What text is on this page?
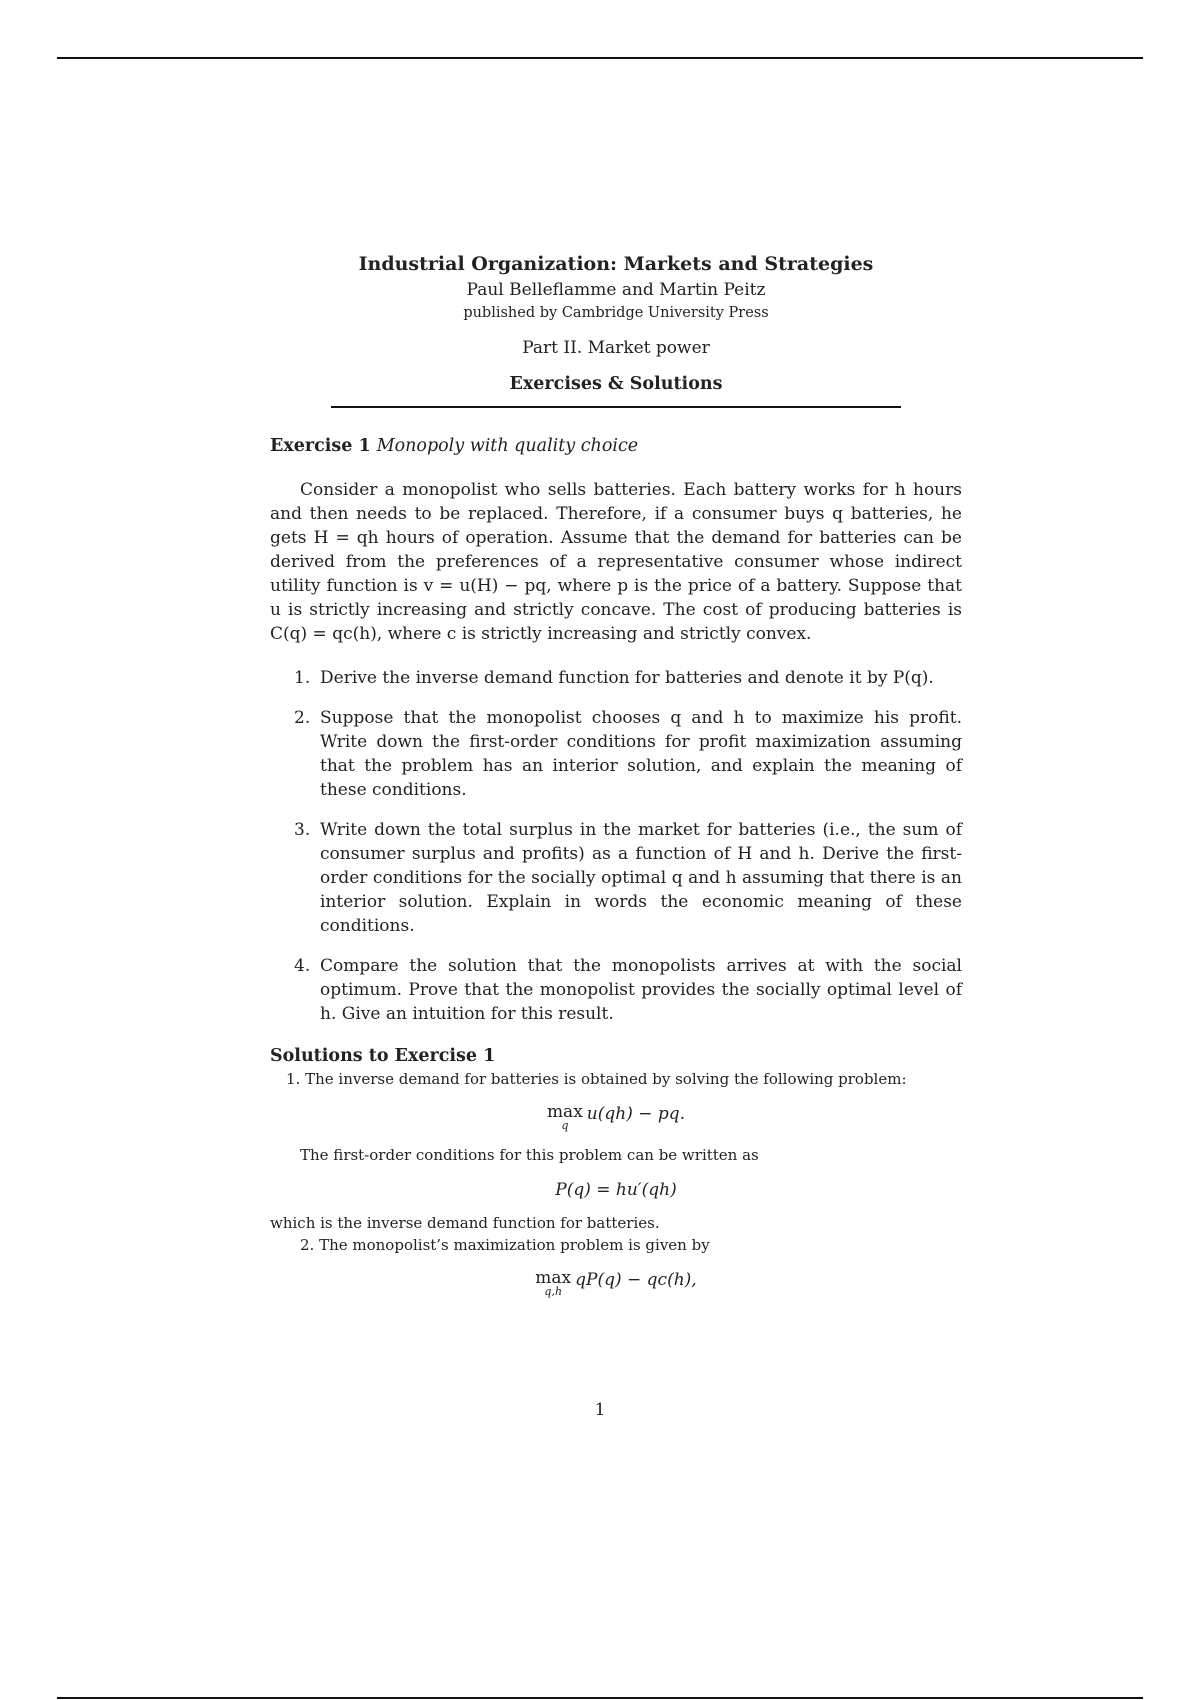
Industrial Organization: Markets and Strategies
Paul Belleflamme and Martin Peitz
published by Cambridge University Press
Part II. Market power
Exercises & Solutions
Exercise 1 Monopoly with quality choice

Consider a monopolist who sells batteries. Each battery works for h hours and then needs to be replaced. Therefore, if a consumer buys q batteries, he gets H = qh hours of operation. Assume that the demand for batteries can be derived from the preferences of a representative consumer whose indirect utility function is v = u(H) − pq, where p is the price of a battery. Suppose that u is strictly increasing and strictly concave. The cost of producing batteries is C(q) = qc(h), where c is strictly increasing and strictly convex.

1. Derive the inverse demand function for batteries and denote it by P(q).
2. Suppose that the monopolist chooses q and h to maximize his profit. Write down the first-order conditions for profit maximization assuming that the problem has an interior solution, and explain the meaning of these conditions.
3. Write down the total surplus in the market for batteries (i.e., the sum of consumer surplus and profits) as a function of H and h. Derive the first-order conditions for the socially optimal q and h assuming that there is an interior solution. Explain in words the economic meaning of these conditions.
4. Compare the solution that the monopolists arrives at with the social optimum. Prove that the monopolist provides the socially optimal level of h. Give an intuition for this result.
Solutions to Exercise 1
1. The inverse demand for batteries is obtained by solving the following problem:
max
q
u(qh) − pq.
The first-order conditions for this problem can be written as
P(q) = hu′(qh)
which is the inverse demand function for batteries.
2. The monopolist’s maximization problem is given by
max
q,h
qP(q) − qc(h),
1
